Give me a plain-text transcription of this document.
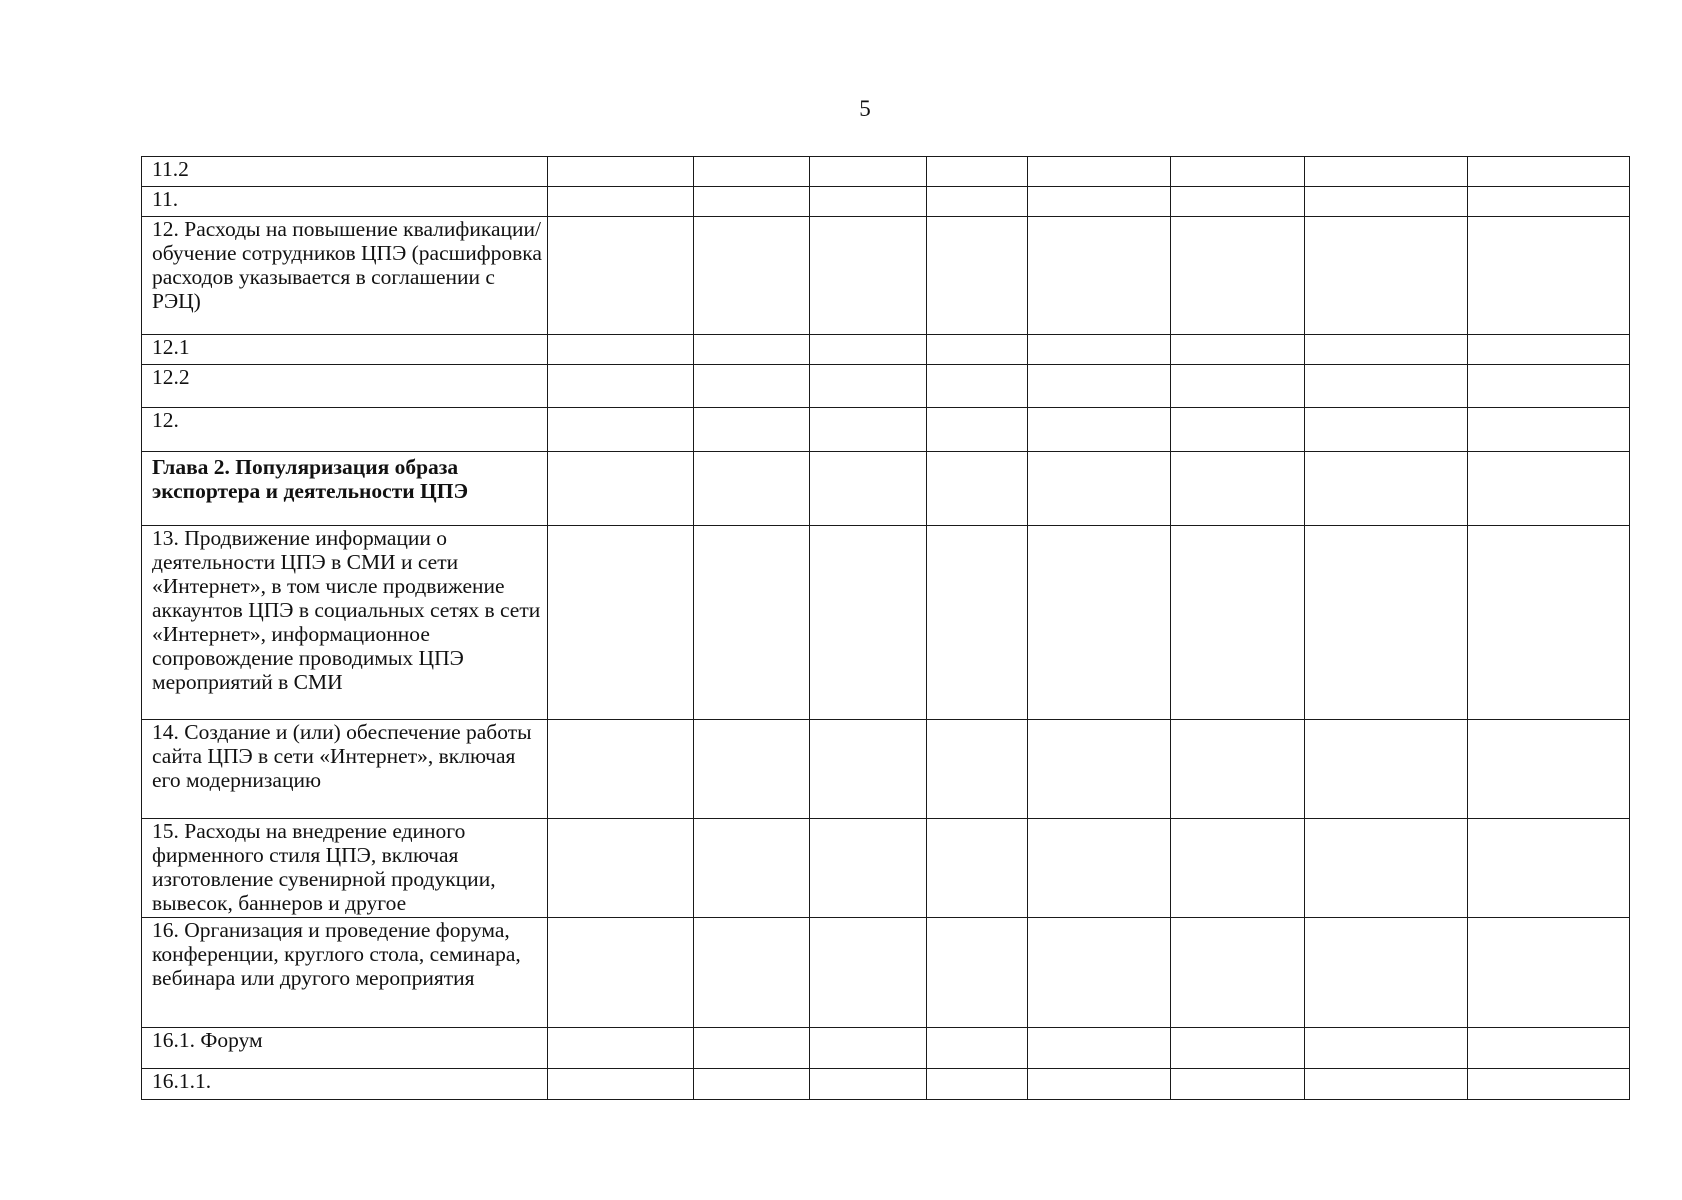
5
11.2								
11.								
12. Расходы на повышение квалификации/обучение сотрудников ЦПЭ (расшифровка расходов указывается в соглашении с РЭЦ)								
12.1								
12.2								
12.								
Глава 2. Популяризация образа экспортера и деятельности ЦПЭ								
13. Продвижение информации о деятельности ЦПЭ в СМИ и сети «Интернет», в том числе продвижение аккаунтов ЦПЭ в социальных сетях в сети «Интернет», информационное сопровождение проводимых ЦПЭ мероприятий в СМИ								
14. Создание и (или) обеспечение работы сайта ЦПЭ в сети «Интернет», включая его модернизацию								
15. Расходы на внедрение единого фирменного стиля ЦПЭ, включая изготовление сувенирной продукции, вывесок, баннеров и другое								
16. Организация и проведение форума, конференции, круглого стола, семинара, вебинара или другого мероприятия								
16.1. Форум								
16.1.1.								
